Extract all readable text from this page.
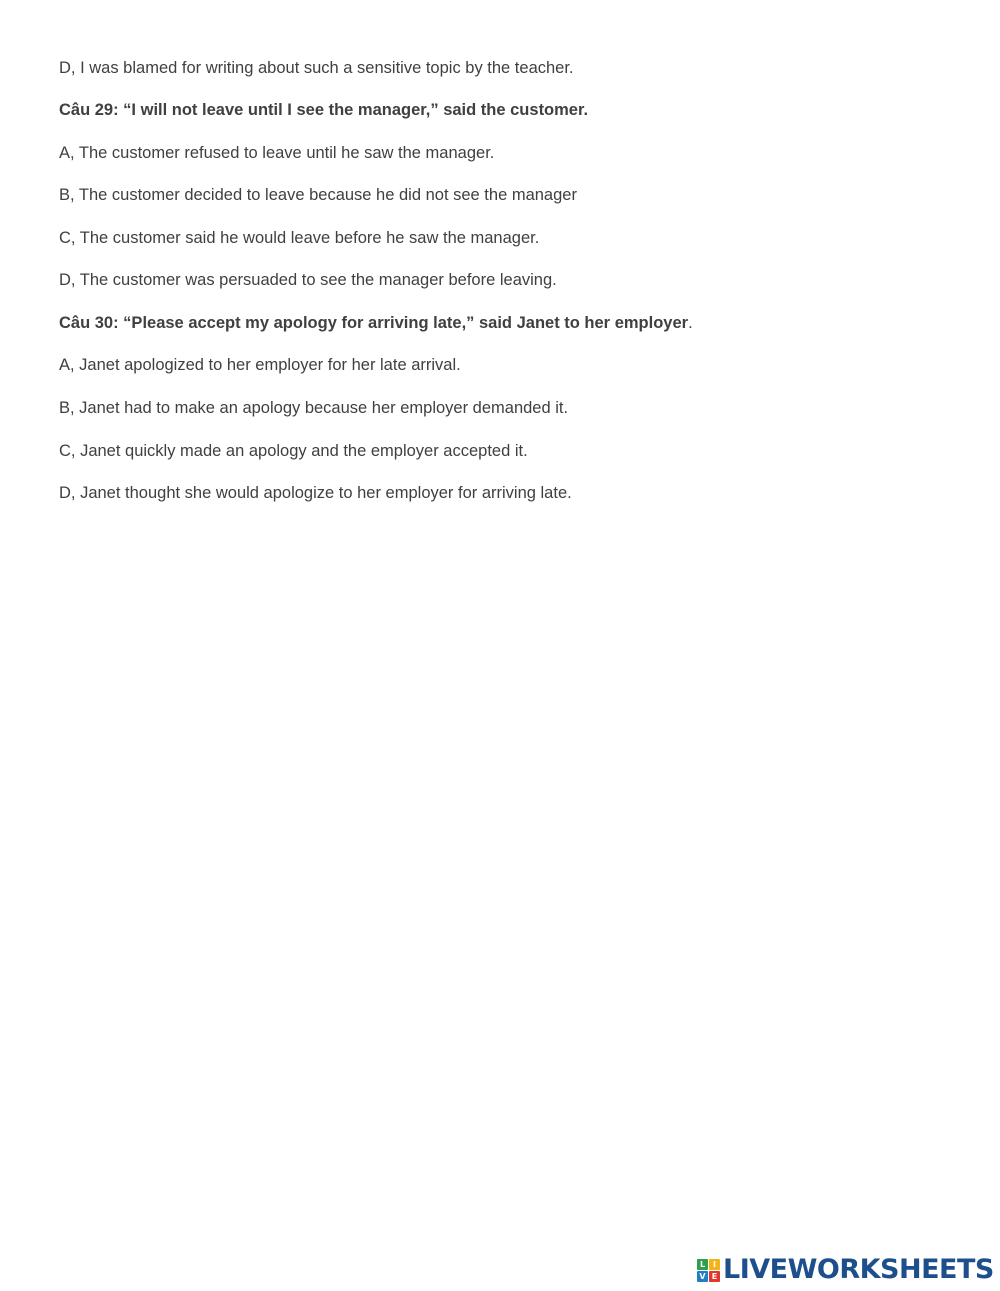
D, I was blamed for writing about such a sensitive topic by the teacher.
Câu 29: “I will not leave until I see the manager,” said the customer.
A, The customer refused to leave until he saw the manager.
B, The customer decided to leave because he did not see the manager
C, The customer said he would leave before he saw the manager.
D, The customer was persuaded to see the manager before leaving.
Câu 30: “Please accept my apology for arriving late,” said Janet to her employer.
A, Janet apologized to her employer for her late arrival.
B, Janet had to make an apology because her employer demanded it.
C, Janet quickly made an apology and the employer accepted it.
D, Janet thought she would apologize to her employer for arriving late.
L I
V E LIVEWORKSHEETS
